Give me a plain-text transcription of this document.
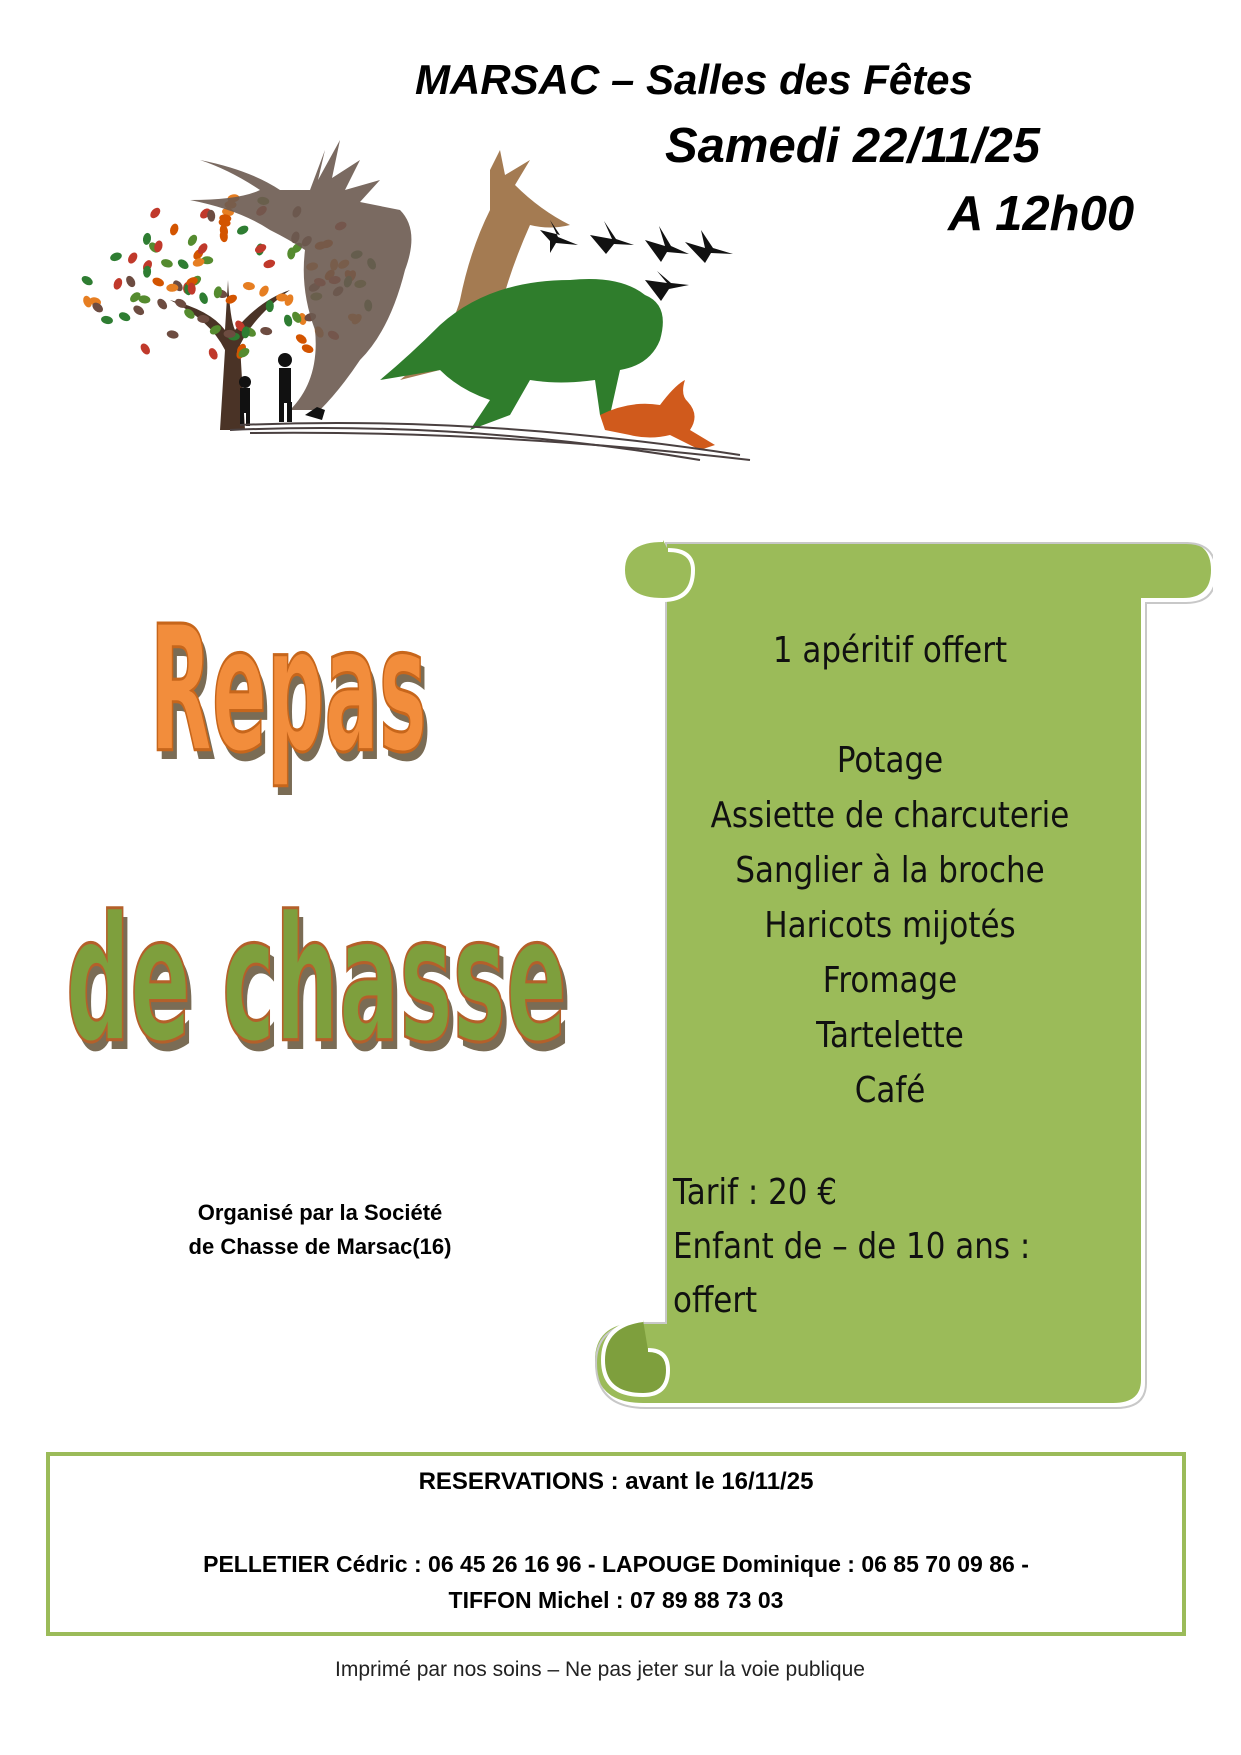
MARSAC – Salles des Fêtes
Samedi 22/11/25
A 12h00
Repas
de chasse
Organisé par la Société
de Chasse de Marsac(16)
1 apéritif offert
Potage
Assiette de charcuterie
Sanglier à la broche
Haricots mijotés
Fromage
Tartelette
Café
Tarif : 20 €
Enfant de – de 10 ans :
offert
RESERVATIONS : avant le 16/11/25
PELLETIER Cédric : 06 45 26 16 96 - LAPOUGE Dominique : 06 85 70 09 86 -
TIFFON Michel : 07 89 88 73 03
Imprimé par nos soins – Ne pas jeter sur la voie publique
